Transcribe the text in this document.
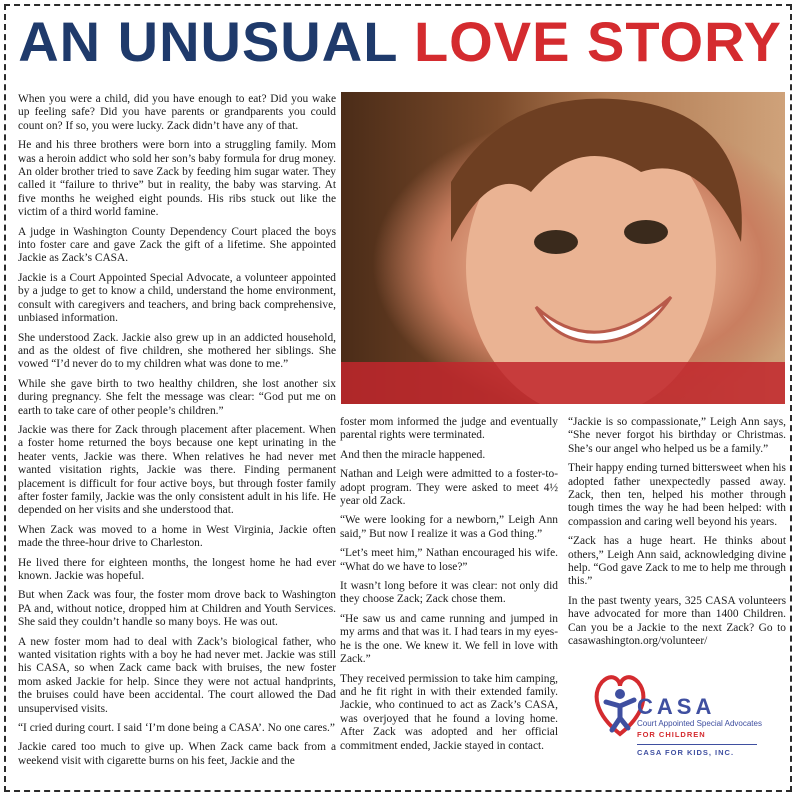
AN UNUSUAL LOVE STORY

When you were a child, did you have enough to eat? Did you wake up feeling safe? Did you have parents or grandparents you could count on? If so, you were lucky. Zack didn’t have any of that.

He and his three brothers were born into a struggling family. Mom was a heroin addict who sold her son’s baby formula for drug money. An older brother tried to save Zack by feeding him sugar water. They called it “failure to thrive” but in reality, the baby was starving. At five months he weighed eight pounds. His ribs stuck out like the victim of a third world famine.

A judge in Washington County Dependency Court placed the boys into foster care and gave Zack the gift of a lifetime. She appointed Jackie as Zack’s CASA.

Jackie is a Court Appointed Special Advocate, a volunteer appointed by a judge to get to know a child, understand the home environment, consult with caregivers and teachers, and bring back comprehensive, unbiased information.

She understood Zack. Jackie also grew up in an addicted household, and as the oldest of five children, she mothered her siblings. She vowed “I’d never do to my children what was done to me.”

While she gave birth to two healthy children, she lost another six during pregnancy. She felt the message was clear: “God put me on earth to take care of other people’s children.”

Jackie was there for Zack through placement after placement. When a foster home returned the boys because one kept urinating in the heater vents, Jackie was there. When relatives he had never met wanted visitation rights, Jackie was there. Finding permanent placement is difficult for four active boys, but through foster family after foster family, Jackie was the only consistent adult in his life. He depended on her visits and she understood that.

When Zack was moved to a home in West Virginia, Jackie often made the three-hour drive to Charleston.

He lived there for eighteen months, the longest home he had ever known. Jackie was hopeful.

But when Zack was four, the foster mom drove back to Washington PA and, without notice, dropped him at Children and Youth Services. She said they couldn’t handle so many boys. He was out.

A new foster mom had to deal with Zack’s biological father, who wanted visitation rights with a boy he had never met. Jackie was still his CASA, so when Zack came back with bruises, the new foster mom asked Jackie for help. Since they were not actual handprints, the bruises could have been accidental. The court allowed the Dad unsupervised visits.

“I cried during court. I said ‘I’m done being a CASA’. No one cares.”

Jackie cared too much to give up. When Zack came back from a weekend visit with cigarette burns on his feet, Jackie and the

foster mom informed the judge and eventually parental rights were terminated.

And then the miracle happened.

Nathan and Leigh were admitted to a foster-to-adopt program. They were asked to meet 4½ year old Zack.

“We were looking for a newborn,” Leigh Ann said,” But now I realize it was a God thing.”

“Let’s meet him,” Nathan encouraged his wife. “What do we have to lose?”

It wasn’t long before it was clear: not only did they choose Zack; Zack chose them.

“He saw us and came running and jumped in my arms and that was it. I had tears in my eyes- he is the one. We knew it. We fell in love with Zack.”

They received permission to take him camping, and he fit right in with their extended family. Jackie, who continued to act as Zack’s CASA, was overjoyed that he found a loving home. After Zack was adopted and her official commitment ended, Jackie stayed in contact.

“Jackie is so compassionate,” Leigh Ann says, “She never forgot his birthday or Christmas. She’s our angel who helped us be a family.”

Their happy ending turned bittersweet when his adopted father unexpectedly passed away. Zack, then ten, helped his mother through tough times the way he had been helped: with compassion and caring well beyond his years.

“Zack has a huge heart. He thinks about others,” Leigh Ann said, acknowledging divine help. “God gave Zack to me to help me through this.”

In the past twenty years, 325 CASA volunteers have advocated for more than 1400 Children. Can you be a Jackie to the next Zack? Go to casawashington.org/volunteer/

CASA
Court Appointed Special Advocates
FOR CHILDREN
CASA FOR KIDS, INC.
